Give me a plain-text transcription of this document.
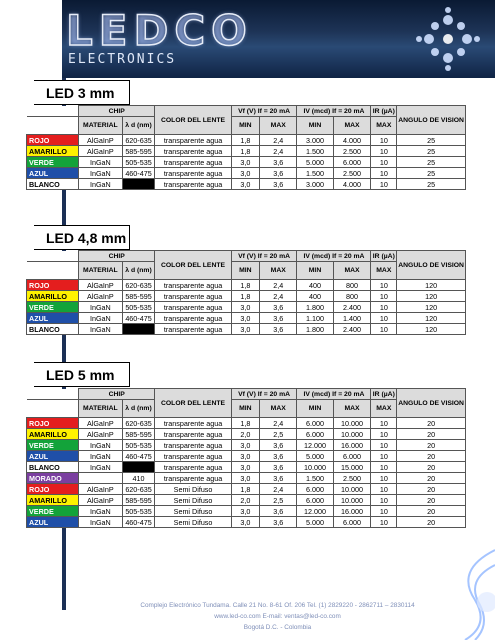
LEDCO
ELECTRONICS
LED 3 mm
	CHIP		COLOR DEL LENTE	Vf (V) If = 20 mA		IV (mcd) If = 20 mA		IR (µA)	ANGULO DE VISION
	MATERIAL	λ d (nm)		MIN	MAX	MIN	MAX	MAX	
ROJO	AlGaInP	620-635	transparente agua	1,8	2,4	3.000	4.000	10	25
AMARILLO	AlGaInP	585-595	transparente agua	1,8	2,4	1.500	2.500	10	25
VERDE	InGaN	505-535	transparente agua	3,0	3,6	5.000	6.000	10	25
AZUL	InGaN	460-475	transparente agua	3,0	3,6	1.500	2.500	10	25
BLANCO	InGaN		transparente agua	3,0	3,6	3.000	4.000	10	25
LED 4,8 mm
	CHIP		COLOR DEL LENTE	Vf (V) If = 20 mA		IV (mcd) If = 20 mA		IR (µA)	ANGULO DE VISION
	MATERIAL	λ d (nm)		MIN	MAX	MIN	MAX	MAX	
ROJO	AlGaInP	620-635	transparente agua	1,8	2,4	400	800	10	120
AMARILLO	AlGaInP	585-595	transparente agua	1,8	2,4	400	800	10	120
VERDE	InGaN	505-535	transparente agua	3,0	3,6	1.800	2.400	10	120
AZUL	InGaN	460-475	transparente agua	3,0	3,6	1.100	1.400	10	120
BLANCO	InGaN		transparente agua	3,0	3,6	1.800	2.400	10	120
LED 5 mm
	CHIP		COLOR DEL LENTE	Vf (V) If = 20 mA		IV (mcd) If = 20 mA		IR (µA)	ANGULO DE VISION
	MATERIAL	λ d (nm)		MIN	MAX	MIN	MAX	MAX	
ROJO	AlGaInP	620-635	transparente agua	1,8	2,4	6.000	10.000	10	20
AMARILLO	AlGaInP	585-595	transparente agua	2,0	2,5	6.000	10.000	10	20
VERDE	InGaN	505-535	transparente agua	3,0	3,6	12.000	16.000	10	20
AZUL	InGaN	460-475	transparente agua	3,0	3,6	5.000	6.000	10	20
BLANCO	InGaN		transparente agua	3,0	3,6	10.000	15.000	10	20
MORADO		410	transparente agua	3,0	3,6	1.500	2.500	10	20
ROJO	AlGaInP	620-635	Semi Difuso	1,8	2,4	6.000	10.000	10	20
AMARILLO	AlGaInP	585-595	Semi Difuso	2,0	2,5	6.000	10.000	10	20
VERDE	InGaN	505-535	Semi Difuso	3,0	3,6	12.000	16.000	10	20
AZUL	InGaN	460-475	Semi Difuso	3,0	3,6	5.000	6.000	10	20
Complejo Electrónico Tundama. Calle 21 No. 8-61 Of. 206 Tel. (1) 2829220 - 2862711 – 2830114
www.led-co.com E-mail: ventas@led-co.com
Bogotá D.C. - Colombia
